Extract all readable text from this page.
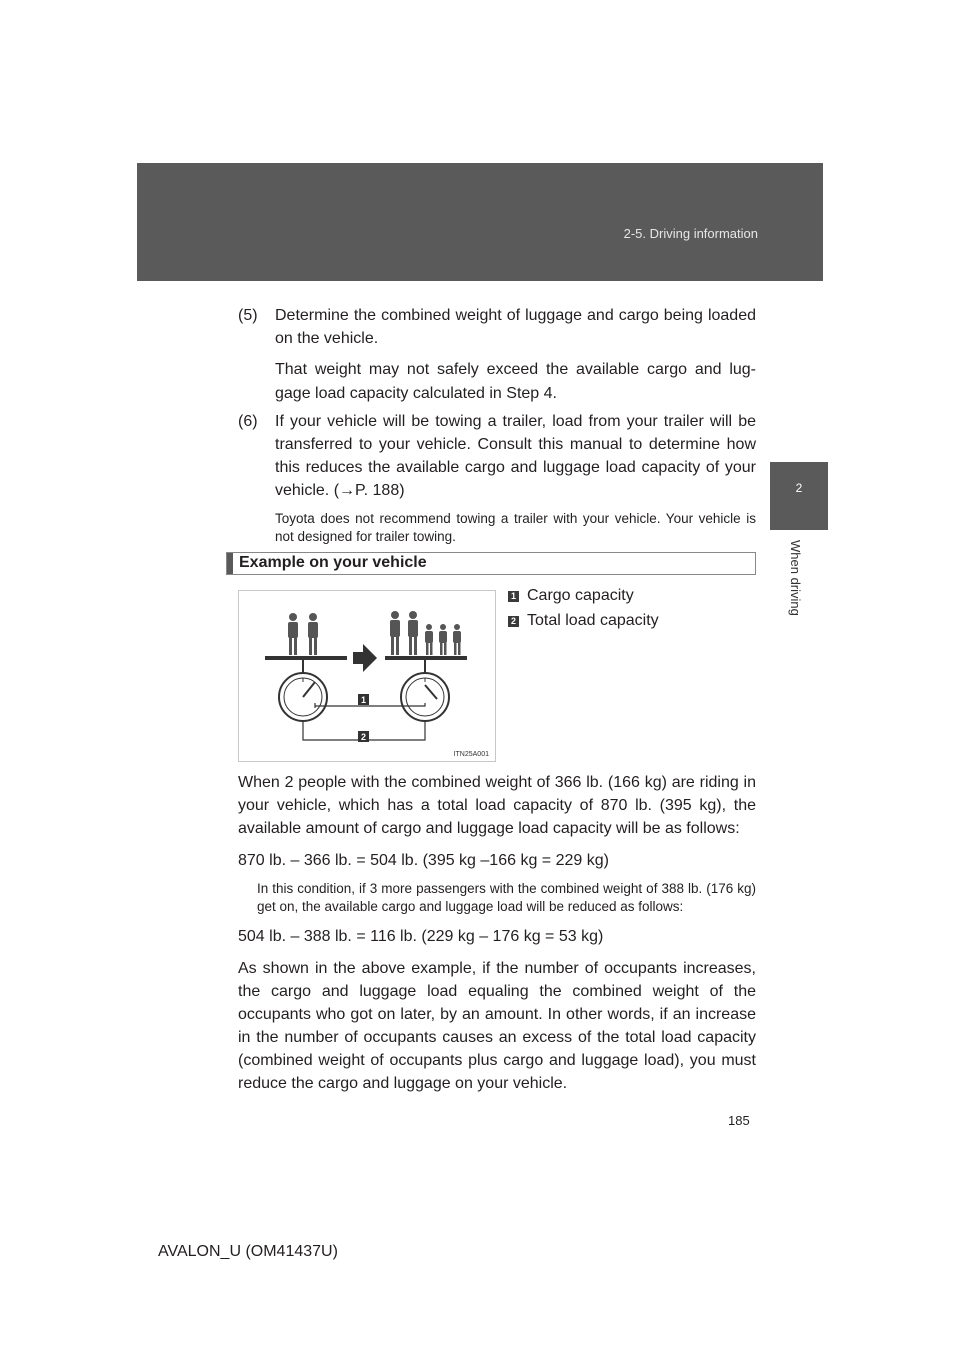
2-5. Driving information
2
When driving
(5)	Determine the combined weight of luggage and cargo being loaded on the vehicle.
That weight may not safely exceed the available cargo and lug-gage load capacity calculated in Step 4.
(6)	If your vehicle will be towing a trailer, load from your trailer will be transferred to your vehicle. Consult this manual to determine how this reduces the available cargo and luggage load capacity of your vehicle. (→P. 188)
Toyota does not recommend towing a trailer with your vehicle. Your vehicle is not designed for trailer towing.
Example on your vehicle
1
2
ITN25A001
1 Cargo capacity
2 Total load capacity

When 2 people with the combined weight of 366 lb. (166 kg) are riding in your vehicle, which has a total load capacity of 870 lb. (395 kg), the available amount of cargo and luggage load capacity will be as follows:

870 lb. – 366 lb. = 504 lb. (395 kg –166 kg = 229 kg)

In this condition, if 3 more passengers with the combined weight of 388 lb. (176 kg) get on, the available cargo and luggage load will be reduced as follows:

504 lb. – 388 lb. = 116 lb. (229 kg – 176 kg = 53 kg)

As shown in the above example, if the number of occupants increases, the cargo and luggage load equaling the combined weight of the occupants who got on later, by an amount. In other words, if an increase in the number of occupants causes an excess of the total load capacity (combined weight of occupants plus cargo and luggage load), you must reduce the cargo and luggage on your vehicle.

185
AVALON_U (OM41437U)
